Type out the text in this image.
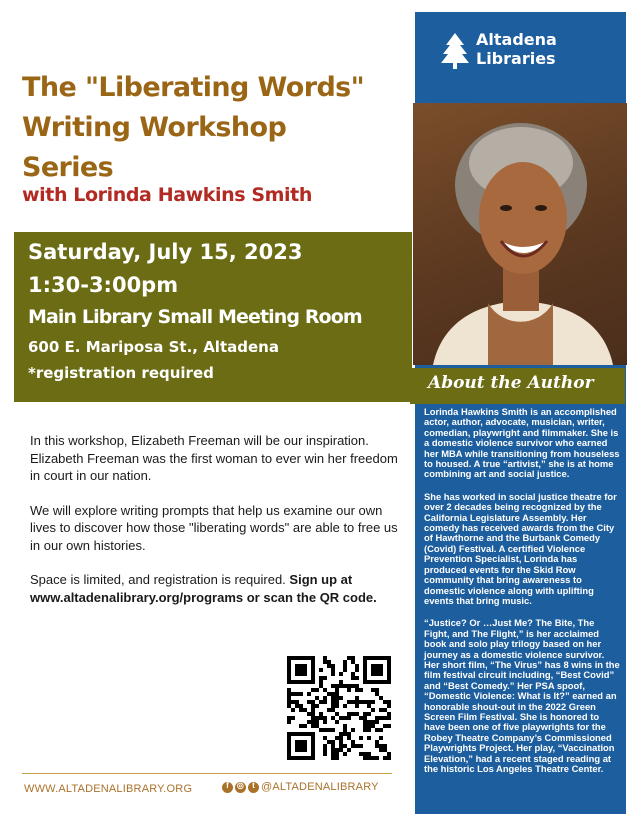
The "Liberating Words"
Writing Workshop
Series
with Lorinda Hawkins Smith
Saturday, July 15, 2023
1:30-3:00pm
Main Library Small Meeting Room
600 E. Mariposa St., Altadena
*registration required
Altadena
Libraries
About the Author

Lorinda Hawkins Smith is an accomplished actor, author, advocate, musician, writer, comedian, playwright and filmmaker. She is a domestic violence survivor who earned her MBA while transitioning from houseless to housed. A true “artivist,” she is at home combining art and social justice.

She has worked in social justice theatre for over 2 decades being recognized by the California Legislature Assembly. Her comedy has received awards from the City of Hawthorne and the Burbank Comedy (Covid) Festival. A certified Violence Prevention Specialist, Lorinda has produced events for the Skid Row community that bring awareness to domestic violence along with uplifting events that bring music.

“Justice? Or …Just Me? The Bite, The Fight, and The Flight,” is her acclaimed book and solo play trilogy based on her journey as a domestic violence survivor. Her short film, “The Virus” has 8 wins in the film festival circuit including, “Best Covid” and “Best Comedy.” Her PSA spoof, “Domestic Violence: What is It?” earned an honorable shout-out in the 2022 Green Screen Film Festival. She is honored to have been one of five playwrights for the Robey Theatre Company’s Commissioned Playwrights Project. Her play, “Vaccination Elevation,” had a recent staged reading at the historic Los Angeles Theatre Center.

In this workshop, Elizabeth Freeman will be our inspiration. Elizabeth Freeman was the first woman to ever win her freedom in court in our nation.

We will explore writing prompts that help us examine our own lives to discover how those "liberating words" are able to free us in our own histories.

Space is limited, and registration is required. Sign up at www.altadenalibrary.org/programs or scan the QR code.

WWW.ALTADENALIBRARY.ORG	f ◎ t @ALTADENALIBRARY
